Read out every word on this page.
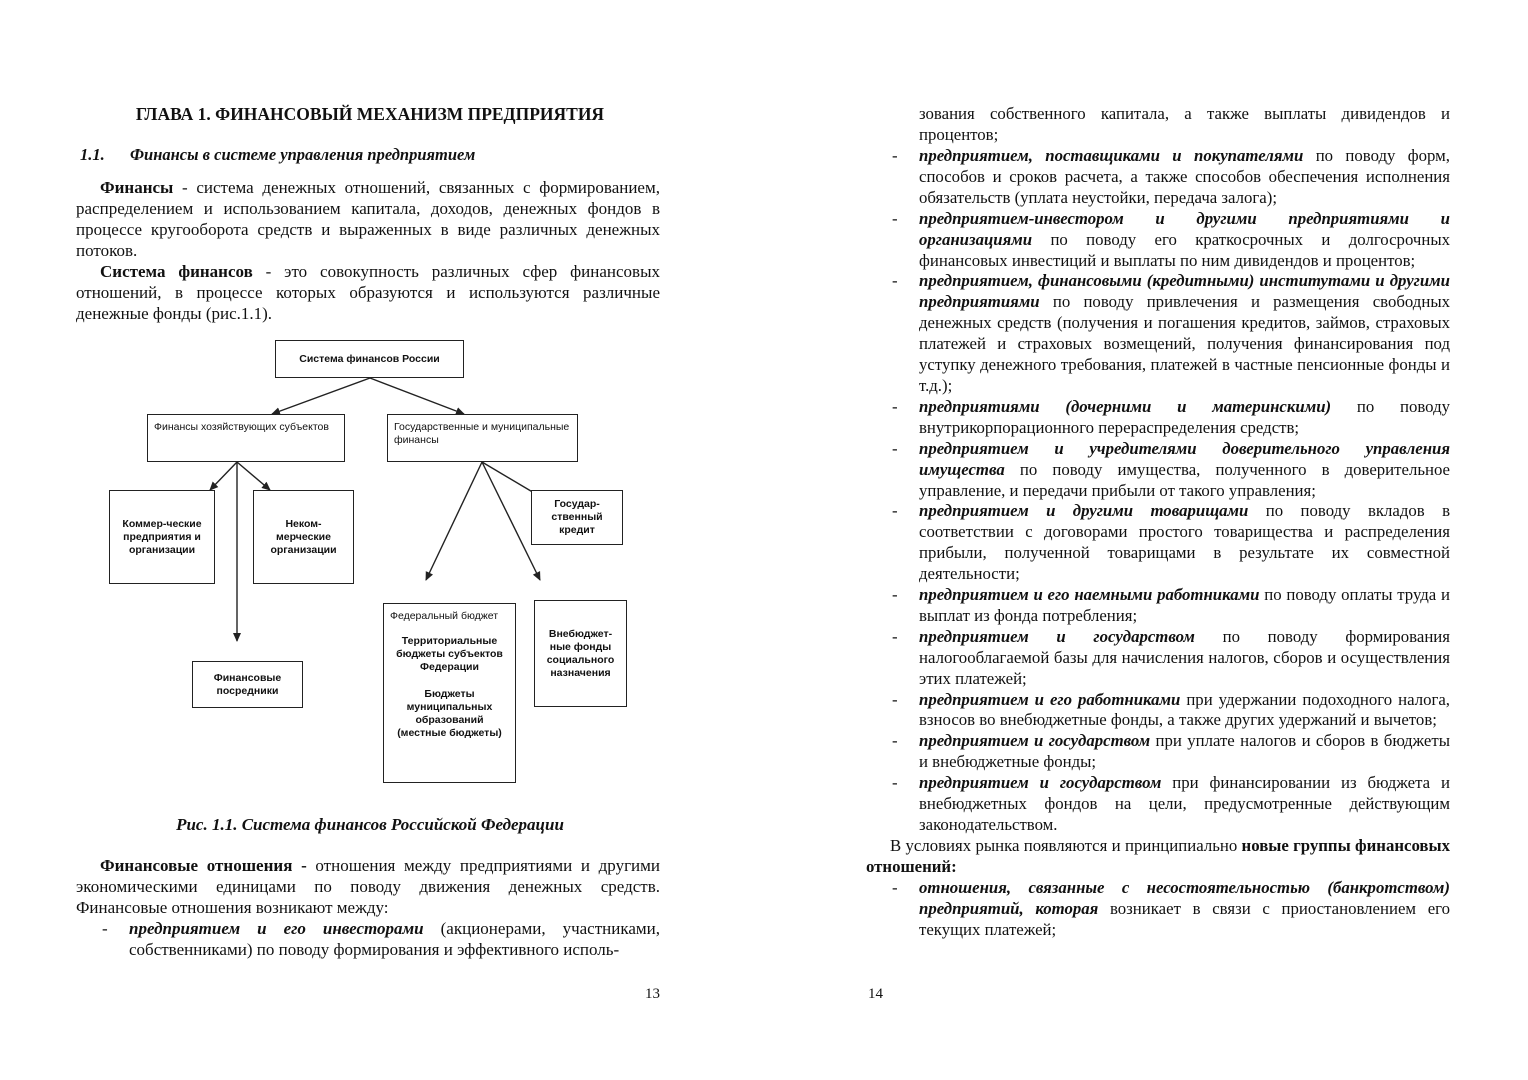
ГЛАВА 1. ФИНАНСОВЫЙ МЕХАНИЗМ ПРЕДПРИЯТИЯ
1.1. Финансы в системе управления предприятием

Финансы - система денежных отношений, связанных с формированием, распределением и использованием капитала, доходов, денежных фондов в процессе кругооборота средств и выраженных в виде различных денежных потоков.

Система финансов - это совокупность различных сфер финансовых отношений, в процессе которых образуются и используются различные денежные фонды (рис.1.1).

Система финансов России
Финансы хозяйствующих субъектов	Государственные и муниципальные финансы
Коммер-ческие предприятия и организации
Неком-мерческие организации
Государ-ственный кредит
Финансовые посредники
Федеральный бюджет
Территориальные бюджеты субъектов Федерации
Бюджеты муниципальных образований (местные бюджеты)
Внебюджет-ные фонды социального назначения
Рис. 1.1. Система финансов Российской Федерации

Финансовые отношения - отношения между предприятиями и другими экономическими единицами по поводу движения денежных средств. Финансовые отношения возникают между:

- предприятием и его инвесторами (акционерами, участниками, собственниками) по поводу формирования и эффективного исполь-
13

зования собственного капитала, а также выплаты дивидендов и процентов;

- предприятием, поставщиками и покупателями по поводу форм, способов и сроков расчета, а также способов обеспечения исполнения обязательств (уплата неустойки, передача залога);
- предприятием-инвестором и другими предприятиями и организациями по поводу его краткосрочных и долгосрочных финансовых инвестиций и выплаты по ним дивидендов и процентов;
- предприятием, финансовыми (кредитными) институтами и другими предприятиями по поводу привлечения и размещения свободных денежных средств (получения и погашения кредитов, займов, страховых платежей и страховых возмещений, получения финансирования под уступку денежного требования, платежей в частные пенсионные фонды и т.д.);
- предприятиями (дочерними и материнскими) по поводу внутрикорпорационного перераспределения средств;
- предприятием и учредителями доверительного управления имущества по поводу имущества, полученного в доверительное управление, и передачи прибыли от такого управления;
- предприятием и другими товарищами по поводу вкладов в соответствии с договорами простого товарищества и распределения прибыли, полученной товарищами в результате их совместной деятельности;
- предприятием и его наемными работниками по поводу оплаты труда и выплат из фонда потребления;
- предприятием и государством по поводу формирования налогооблагаемой базы для начисления налогов, сборов и осуществления этих платежей;
- предприятием и его работниками при удержании подоходного налога, взносов во внебюджетные фонды, а также других удержаний и вычетов;
- предприятием и государством при уплате налогов и сборов в бюджеты и внебюджетные фонды;
- предприятием и государством при финансировании из бюджета и внебюджетных фондов на цели, предусмотренные действующим законодательством.

В условиях рынка появляются и принципиально новые группы финансовых отношений:

- отношения, связанные с несостоятельностью (банкротством) предприятий, которая возникает в связи с приостановлением его текущих платежей;
14
